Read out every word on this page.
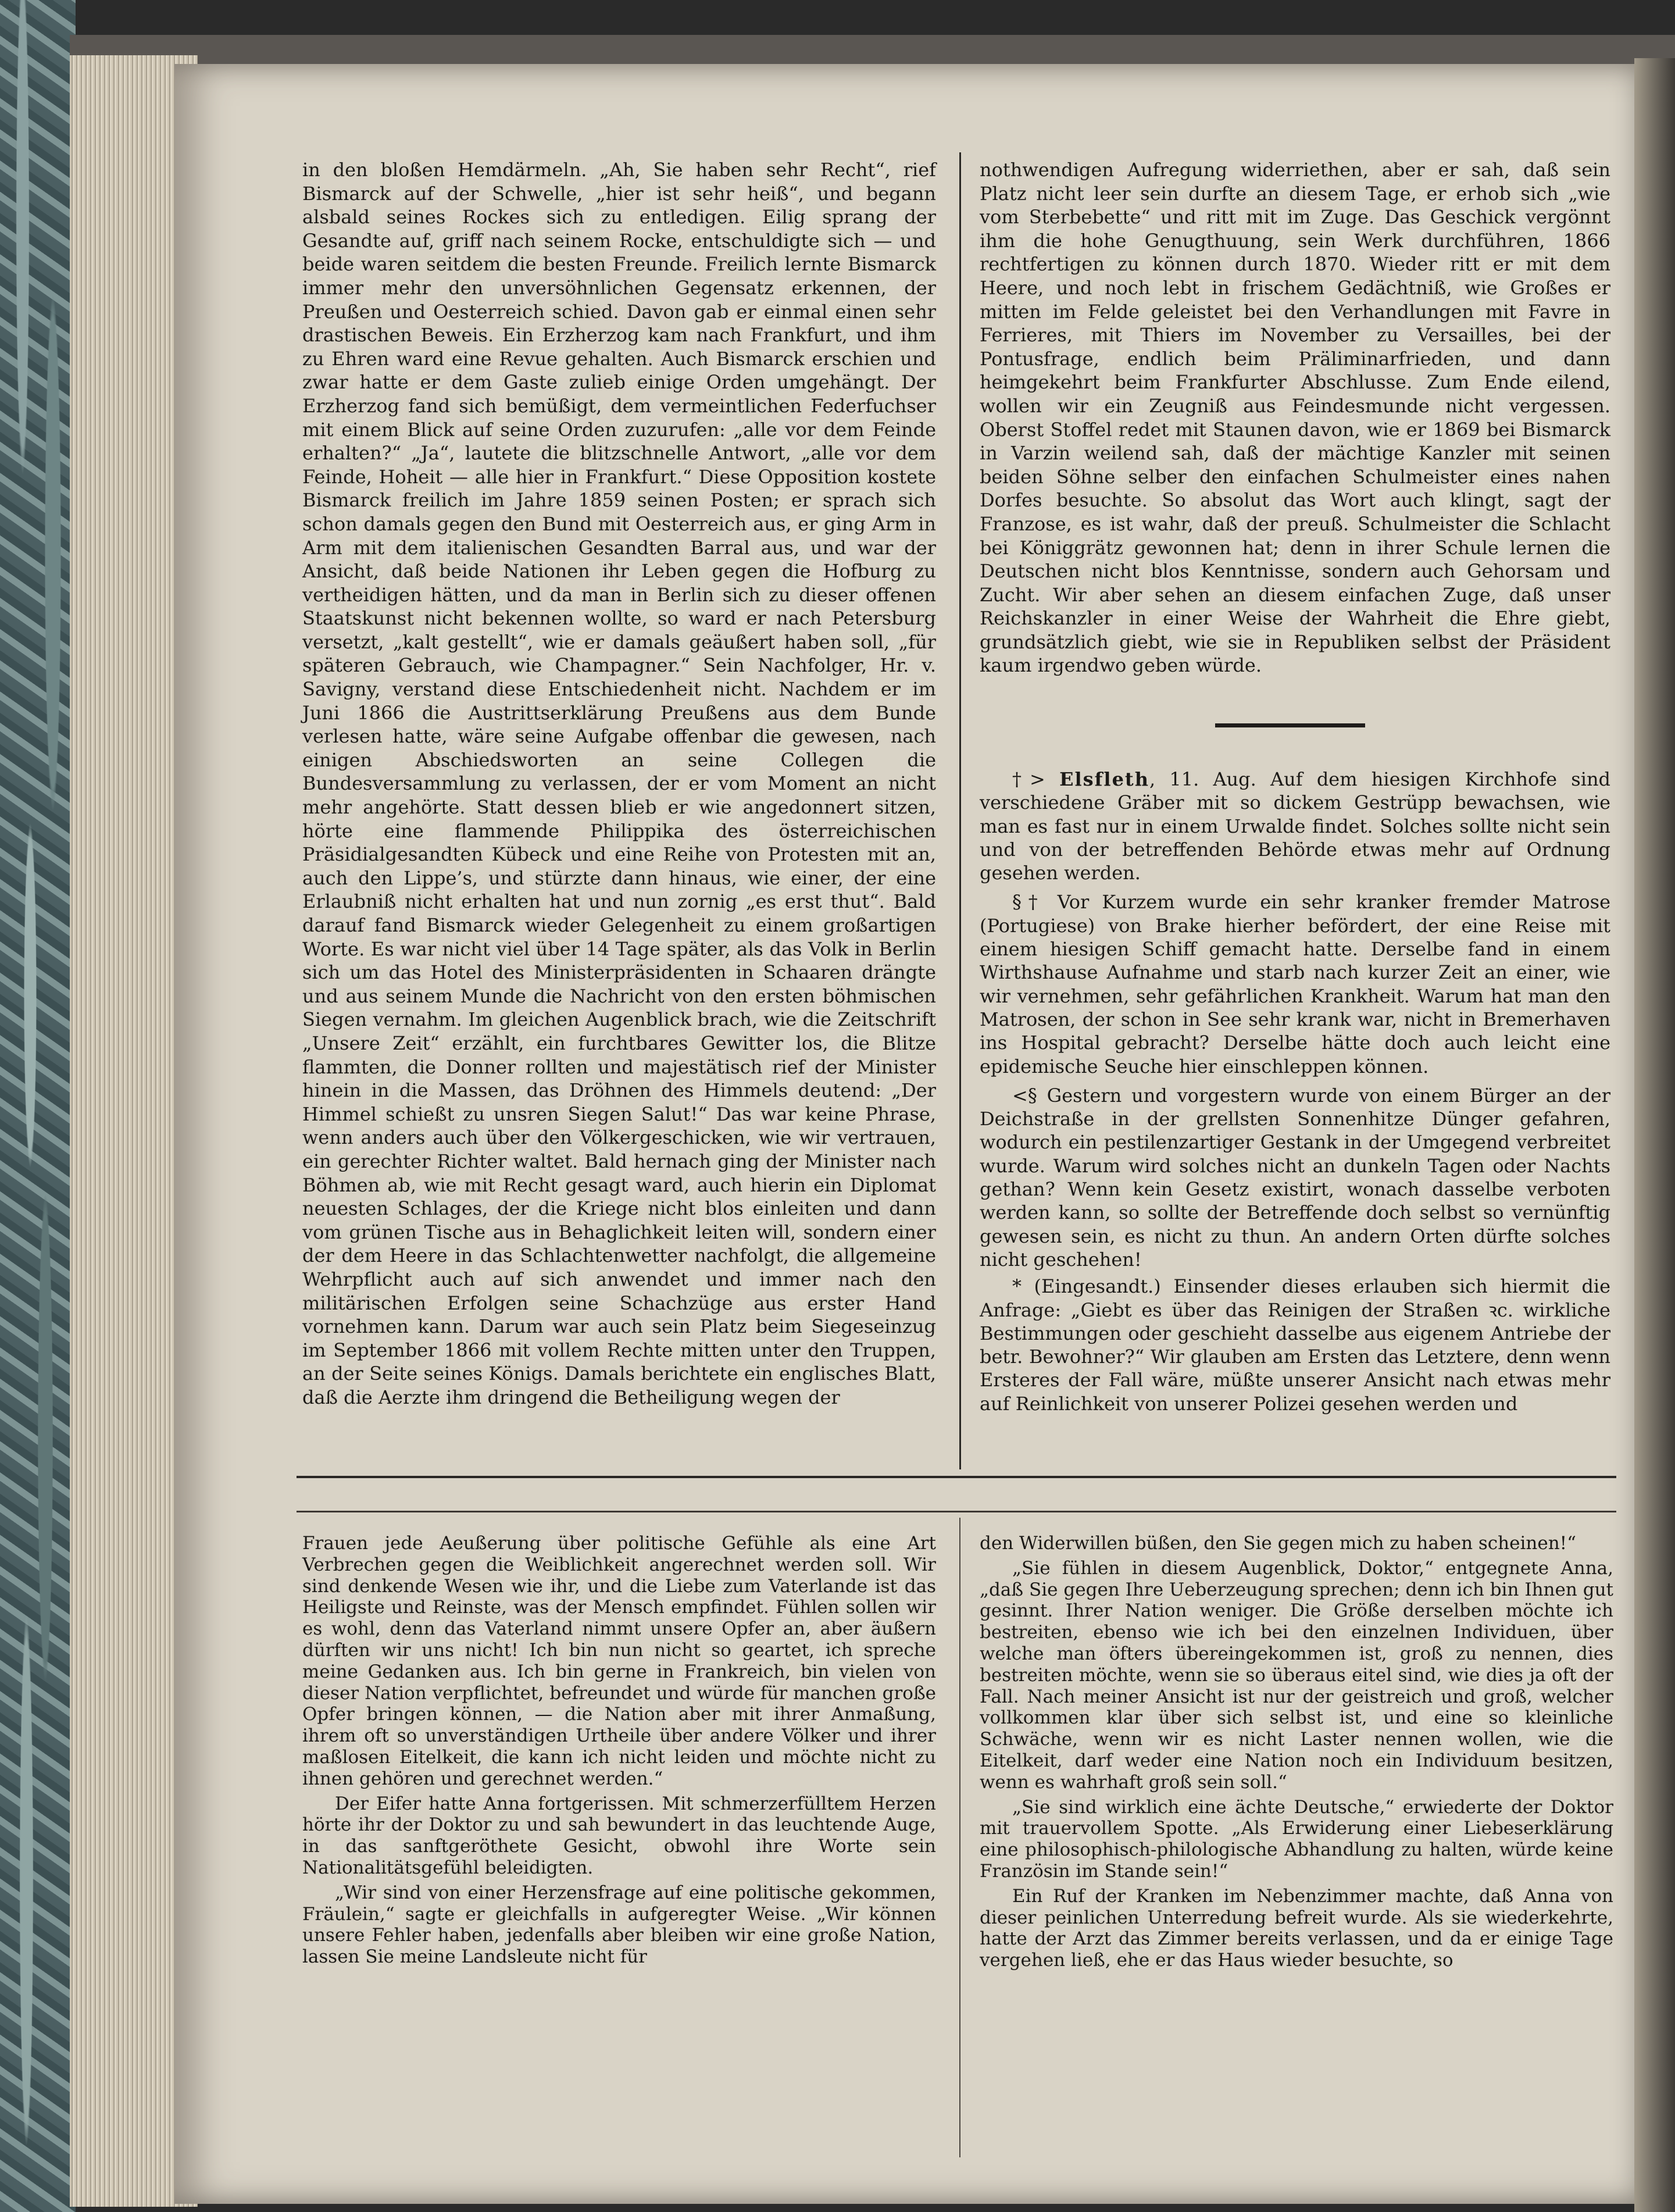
in den bloßen Hemdärmeln. „Ah, Sie haben sehr Recht“, rief Bismarck auf der Schwelle, „hier ist sehr heiß“, und begann alsbald seines Rockes sich zu entledigen. Eilig sprang der Gesandte auf, griff nach seinem Rocke, entschuldigte sich — und beide waren seitdem die besten Freunde. Freilich lernte Bismarck immer mehr den unversöhnlichen Gegensatz erkennen, der Preußen und Oesterreich schied. Davon gab er einmal einen sehr drastischen Beweis. Ein Erzherzog kam nach Frankfurt, und ihm zu Ehren ward eine Revue gehalten. Auch Bismarck erschien und zwar hatte er dem Gaste zulieb einige Orden umgehängt. Der Erzherzog fand sich bemüßigt, dem vermeintlichen Federfuchser mit einem Blick auf seine Orden zuzurufen: „alle vor dem Feinde erhalten?“ „Ja“, lautete die blitzschnelle Antwort, „alle vor dem Feinde, Hoheit — alle hier in Frankfurt.“ Diese Opposition kostete Bismarck freilich im Jahre 1859 seinen Posten; er sprach sich schon damals gegen den Bund mit Oesterreich aus, er ging Arm in Arm mit dem italienischen Gesandten Barral aus, und war der Ansicht, daß beide Nationen ihr Leben gegen die Hofburg zu vertheidigen hätten, und da man in Berlin sich zu dieser offenen Staatskunst nicht bekennen wollte, so ward er nach Petersburg versetzt, „kalt gestellt“, wie er damals geäußert haben soll, „für späteren Gebrauch, wie Champagner.“ Sein Nachfolger, Hr. v. Savigny, verstand diese Entschiedenheit nicht. Nachdem er im Juni 1866 die Austrittserklärung Preußens aus dem Bunde verlesen hatte, wäre seine Aufgabe offenbar die gewesen, nach einigen Abschiedsworten an seine Collegen die Bundesversammlung zu verlassen, der er vom Moment an nicht mehr angehörte. Statt dessen blieb er wie angedonnert sitzen, hörte eine flammende Philippika des österreichischen Präsidialgesandten Kübeck und eine Reihe von Protesten mit an, auch den Lippe’s, und stürzte dann hinaus, wie einer, der eine Erlaubniß nicht erhalten hat und nun zornig „es erst thut“. Bald darauf fand Bismarck wieder Gelegenheit zu einem großartigen Worte. Es war nicht viel über 14 Tage später, als das Volk in Berlin sich um das Hotel des Ministerpräsidenten in Schaaren drängte und aus seinem Munde die Nachricht von den ersten böhmischen Siegen vernahm. Im gleichen Augenblick brach, wie die Zeitschrift „Unsere Zeit“ erzählt, ein furchtbares Gewitter los, die Blitze flammten, die Donner rollten und majestätisch rief der Minister hinein in die Massen, das Dröhnen des Himmels deutend: „Der Himmel schießt zu unsren Siegen Salut!“ Das war keine Phrase, wenn anders auch über den Völkergeschicken, wie wir vertrauen, ein gerechter Richter waltet. Bald hernach ging der Minister nach Böhmen ab, wie mit Recht gesagt ward, auch hierin ein Diplomat neuesten Schlages, der die Kriege nicht blos einleiten und dann vom grünen Tische aus in Behaglichkeit leiten will, sondern einer der dem Heere in das Schlachtenwetter nachfolgt, die allgemeine Wehrpflicht auch auf sich anwendet und immer nach den militärischen Erfolgen seine Schachzüge aus erster Hand vornehmen kann. Darum war auch sein Platz beim Siegeseinzug im September 1866 mit vollem Rechte mitten unter den Truppen, an der Seite seines Königs. Damals berichtete ein englisches Blatt, daß die Aerzte ihm dringend die Betheiligung wegen der

nothwendigen Aufregung widerriethen, aber er sah, daß sein Platz nicht leer sein durfte an diesem Tage, er erhob sich „wie vom Sterbebette“ und ritt mit im Zuge. Das Geschick vergönnt ihm die hohe Genugthuung, sein Werk durchführen, 1866 rechtfertigen zu können durch 1870. Wieder ritt er mit dem Heere, und noch lebt in frischem Gedächtniß, wie Großes er mitten im Felde geleistet bei den Verhandlungen mit Favre in Ferrieres, mit Thiers im November zu Versailles, bei der Pontusfrage, endlich beim Präliminarfrieden, und dann heimgekehrt beim Frankfurter Abschlusse. Zum Ende eilend, wollen wir ein Zeugniß aus Feindesmunde nicht vergessen. Oberst Stoffel redet mit Staunen davon, wie er 1869 bei Bismarck in Varzin weilend sah, daß der mächtige Kanzler mit seinen beiden Söhne selber den einfachen Schulmeister eines nahen Dorfes besuchte. So absolut das Wort auch klingt, sagt der Franzose, es ist wahr, daß der preuß. Schulmeister die Schlacht bei Königgrätz gewonnen hat; denn in ihrer Schule lernen die Deutschen nicht blos Kenntnisse, sondern auch Gehorsam und Zucht. Wir aber sehen an diesem einfachen Zuge, daß unser Reichskanzler in einer Weise der Wahrheit die Ehre giebt, grundsätzlich giebt, wie sie in Republiken selbst der Präsident kaum irgendwo geben würde.

†> Elsfleth, 11. Aug. Auf dem hiesigen Kirchhofe sind verschiedene Gräber mit so dickem Gestrüpp bewachsen, wie man es fast nur in einem Urwalde findet. Solches sollte nicht sein und von der betreffenden Behörde etwas mehr auf Ordnung gesehen werden.

§† Vor Kurzem wurde ein sehr kranker fremder Matrose (Portugiese) von Brake hierher befördert, der eine Reise mit einem hiesigen Schiff gemacht hatte. Derselbe fand in einem Wirthshause Aufnahme und starb nach kurzer Zeit an einer, wie wir vernehmen, sehr gefährlichen Krankheit. Warum hat man den Matrosen, der schon in See sehr krank war, nicht in Bremerhaven ins Hospital gebracht? Derselbe hätte doch auch leicht eine epidemische Seuche hier einschleppen können.

<§ Gestern und vorgestern wurde von einem Bürger an der Deichstraße in der grellsten Sonnenhitze Dünger gefahren, wodurch ein pestilenzartiger Gestank in der Umgegend verbreitet wurde. Warum wird solches nicht an dunkeln Tagen oder Nachts gethan? Wenn kein Gesetz existirt, wonach dasselbe verboten werden kann, so sollte der Betreffende doch selbst so vernünftig gewesen sein, es nicht zu thun. An andern Orten dürfte solches nicht geschehen!

* (Eingesandt.) Einsender dieses erlauben sich hiermit die Anfrage: „Giebt es über das Reinigen der Straßen ꝛc. wirkliche Bestimmungen oder geschieht dasselbe aus eigenem Antriebe der betr. Bewohner?“ Wir glauben am Ersten das Letztere, denn wenn Ersteres der Fall wäre, müßte unserer Ansicht nach etwas mehr auf Reinlichkeit von unserer Polizei gesehen werden und

Frauen jede Aeußerung über politische Gefühle als eine Art Verbrechen gegen die Weiblichkeit angerechnet werden soll. Wir sind denkende Wesen wie ihr, und die Liebe zum Vaterlande ist das Heiligste und Reinste, was der Mensch empfindet. Fühlen sollen wir es wohl, denn das Vaterland nimmt unsere Opfer an, aber äußern dürften wir uns nicht! Ich bin nun nicht so geartet, ich spreche meine Gedanken aus. Ich bin gerne in Frankreich, bin vielen von dieser Nation verpflichtet, befreundet und würde für manchen große Opfer bringen können, — die Nation aber mit ihrer Anmaßung, ihrem oft so unverständigen Urtheile über andere Völker und ihrer maßlosen Eitelkeit, die kann ich nicht leiden und möchte nicht zu ihnen gehören und gerechnet werden.“

Der Eifer hatte Anna fortgerissen. Mit schmerzerfülltem Herzen hörte ihr der Doktor zu und sah bewundert in das leuchtende Auge, in das sanftgeröthete Gesicht, obwohl ihre Worte sein Nationalitätsgefühl beleidigten.

„Wir sind von einer Herzensfrage auf eine politische gekommen, Fräulein,“ sagte er gleichfalls in aufgeregter Weise. „Wir können unsere Fehler haben, jedenfalls aber bleiben wir eine große Nation, lassen Sie meine Landsleute nicht für

den Widerwillen büßen, den Sie gegen mich zu haben scheinen!“

„Sie fühlen in diesem Augenblick, Doktor,“ entgegnete Anna, „daß Sie gegen Ihre Ueberzeugung sprechen; denn ich bin Ihnen gut gesinnt. Ihrer Nation weniger. Die Größe derselben möchte ich bestreiten, ebenso wie ich bei den einzelnen Individuen, über welche man öfters übereingekommen ist, groß zu nennen, dies bestreiten möchte, wenn sie so überaus eitel sind, wie dies ja oft der Fall. Nach meiner Ansicht ist nur der geistreich und groß, welcher vollkommen klar über sich selbst ist, und eine so kleinliche Schwäche, wenn wir es nicht Laster nennen wollen, wie die Eitelkeit, darf weder eine Nation noch ein Individuum besitzen, wenn es wahrhaft groß sein soll.“

„Sie sind wirklich eine ächte Deutsche,“ erwiederte der Doktor mit trauervollem Spotte. „Als Erwiderung einer Liebeserklärung eine philosophisch-philologische Abhandlung zu halten, würde keine Französin im Stande sein!“

Ein Ruf der Kranken im Nebenzimmer machte, daß Anna von dieser peinlichen Unterredung befreit wurde. Als sie wiederkehrte, hatte der Arzt das Zimmer bereits verlassen, und da er einige Tage vergehen ließ, ehe er das Haus wieder besuchte, so
